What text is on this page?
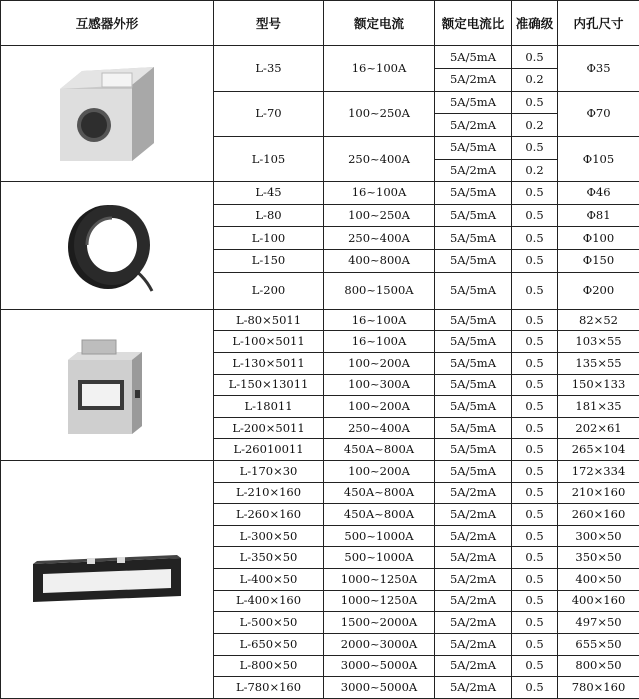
互感器外形	型号	额定电流	额定电流比	准确级	内孔尺寸

	L-35	16~100A	5A/5mA	0.5	Φ35
			5A/2mA	0.2	
	L-70	100~250A	5A/5mA	0.5	Φ70
			5A/2mA	0.2	
	L-105	250~400A	5A/5mA	0.5	Φ105
			5A/2mA	0.2	

	L-45	16~100A	5A/5mA	0.5	Φ46
	L-80	100~250A	5A/5mA	0.5	Φ81
	L-100	250~400A	5A/5mA	0.5	Φ100
	L-150	400~800A	5A/5mA	0.5	Φ150
	L-200	800~1500A	5A/5mA	0.5	Φ200

	L-80×5011	16~100A	5A/5mA	0.5	82×52
	L-100×5011	16~100A	5A/5mA	0.5	103×55
	L-130×5011	100~200A	5A/5mA	0.5	135×55
	L-150×13011	100~300A	5A/5mA	0.5	150×133
	L-18011	100~200A	5A/5mA	0.5	181×35
	L-200×5011	250~400A	5A/5mA	0.5	202×61
	L-26010011	450A~800A	5A/5mA	0.5	265×104

	L-170×30	100~200A	5A/5mA	0.5	172×334
	L-210×160	450A~800A	5A/2mA	0.5	210×160
	L-260×160	450A~800A	5A/2mA	0.5	260×160
	L-300×50	500~1000A	5A/2mA	0.5	300×50
	L-350×50	500~1000A	5A/2mA	0.5	350×50
	L-400×50	1000~1250A	5A/2mA	0.5	400×50
	L-400×160	1000~1250A	5A/2mA	0.5	400×160
	L-500×50	1500~2000A	5A/2mA	0.5	497×50
	L-650×50	2000~3000A	5A/2mA	0.5	655×50
	L-800×50	3000~5000A	5A/2mA	0.5	800×50
	L-780×160	3000~5000A	5A/2mA	0.5	780×160
